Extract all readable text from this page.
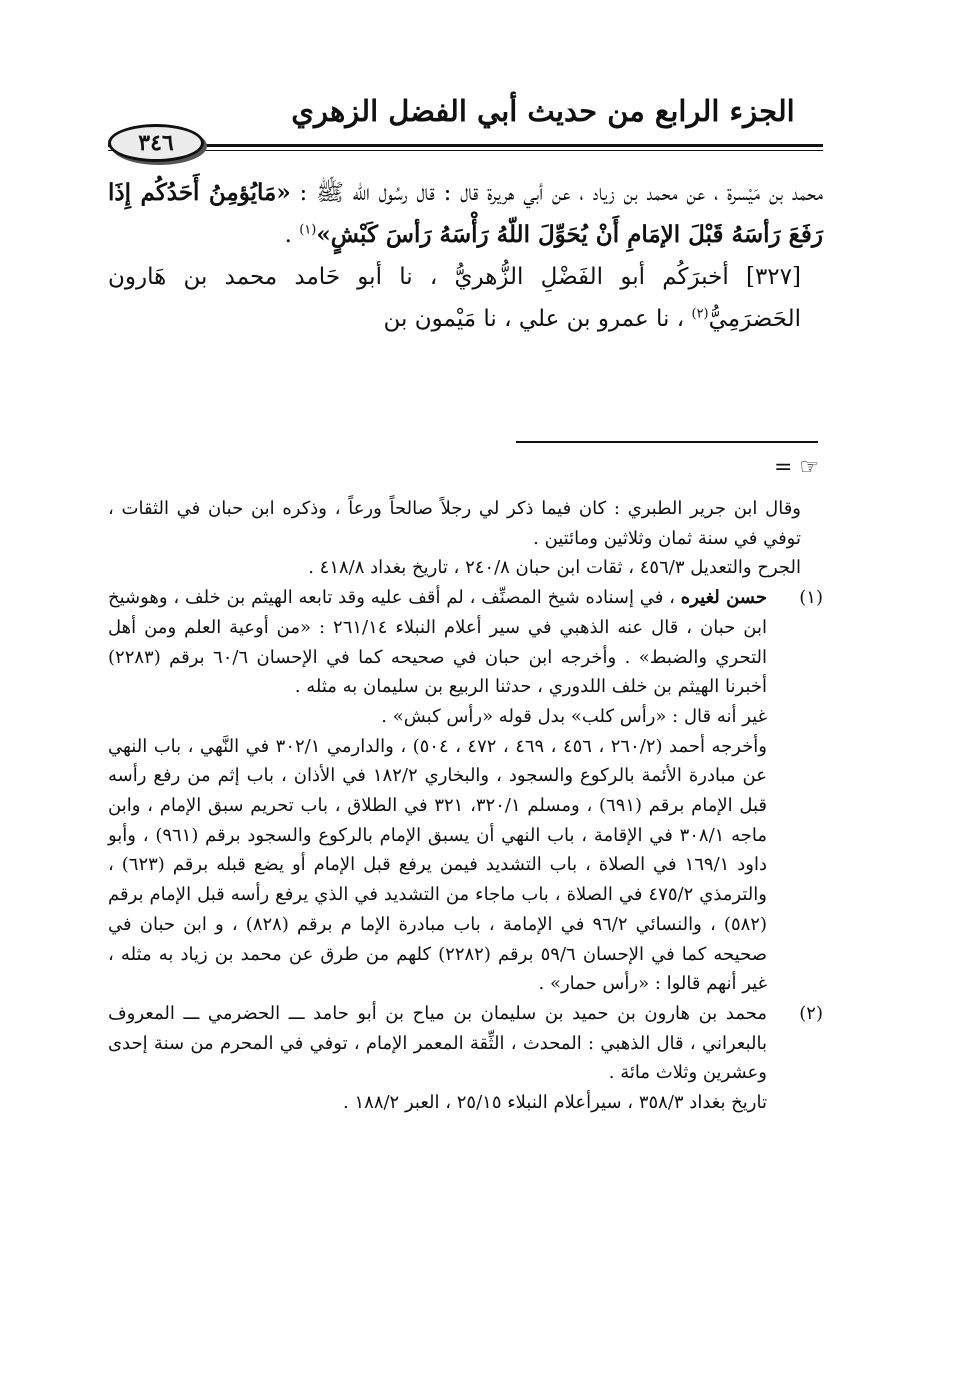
الجزء الرابع من حديث أبي الفضل الزهري
٣٤٦

محمد بن مَيْسرة ، عن محمد بن زياد ، عن أبي هريرة قال : قال رسُول اللّه ﷺ : «مَايُؤمِنُ أَحَدُكُم إِذَا رَفَعَ رَأسَهُ قَبْلَ الإمَامِ أَنْ يُحَوِّلَ اللّهُ رَأْسَهُ رَأسَ كَبْشٍ»$^{(١)}$ .

[٣٢٧] أخبرَكُم أبو الفَضْلِ الزُّهريُّ ، نا أبو حَامد محمد بن هَارون الحَضرَمِيُّ$^{(٢)}$ ، نا عمرو بن علي ، نا مَيْمون بن

= ☞

وقال ابن جرير الطبري : كان فيما ذكر لي رجلاً صالحاً ورعاً ، وذكره ابن حبان في الثقات ، توفي في سنة ثمان وثلاثين ومائتين .

الجرح والتعديل ٤٥٦/٣ ، ثقات ابن حبان ٢٤٠/٨ ، تاريخ بغداد ٤١٨/٨ .

(١)

حسن لغيره ، في إسناده شيخ المصنِّف ، لم أقف عليه وقد تابعه الهيثم بن خلف ، وهوشيخ ابن حبان ، قال عنه الذهبي في سير أعلام النبلاء ٢٦١/١٤ : «من أوعية العلم ومن أهل التحري والضبط» . وأخرجه ابن حبان في صحيحه كما في الإحسان ٦٠/٦ برقم (٢٢٨٣) أخبرنا الهيثم بن خلف اللدوري ، حدثنا الربيع بن سليمان به مثله .

غير أنه قال : «رأس كلب» بدل قوله «رأس كبش» .

وأخرجه أحمد (٢٦٠/٢ ، ٤٥٦ ، ٤٦٩ ، ٤٧٢ ، ٥٠٤) ، والدارمي ٣٠٢/١ في النَّهي ، باب النهي عن مبادرة الأئمة بالركوع والسجود ، والبخاري ١٨٢/٢ في الأذان ، باب إثم من رفع رأسه قبل الإمام برقم (٦٩١) ، ومسلم ٣٢٠/١، ٣٢١ في الطلاق ، باب تحريم سبق الإمام ، وابن ماجه ٣٠٨/١ في الإقامة ، باب النهي أن يسبق الإمام بالركوع والسجود برقم (٩٦١) ، وأبو داود ١٦٩/١ في الصلاة ، باب التشديد فيمن يرفع قبل الإمام أو يضع قبله برقم (٦٢٣) ، والترمذي ٤٧٥/٢ في الصلاة ، باب ماجاء من التشديد في الذي يرفع رأسه قبل الإمام برقم (٥٨٢) ، والنسائي ٩٦/٢ في الإمامة ، باب مبادرة الإما م برقم (٨٢٨) ، و ابن حبان في صحيحه كما في الإحسان ٥٩/٦ برقم (٢٢٨٢) كلهم من طرق عن محمد بن زياد به مثله ، غير أنهم قالوا : «رأس حمار» .

(٢)

محمد بن هارون بن حميد بن سليمان بن مياح بن أبو حامد ـــ الحضرمي ـــ المعروف بالبعراني ، قال الذهبي : المحدث ، الثِّقة المعمر الإمام ، توفي في المحرم من سنة إحدى وعشرين وثلاث مائة .

تاريخ بغداد ٣٥٨/٣ ، سيرأعلام النبلاء ٢٥/١٥ ، العبر ١٨٨/٢ .
